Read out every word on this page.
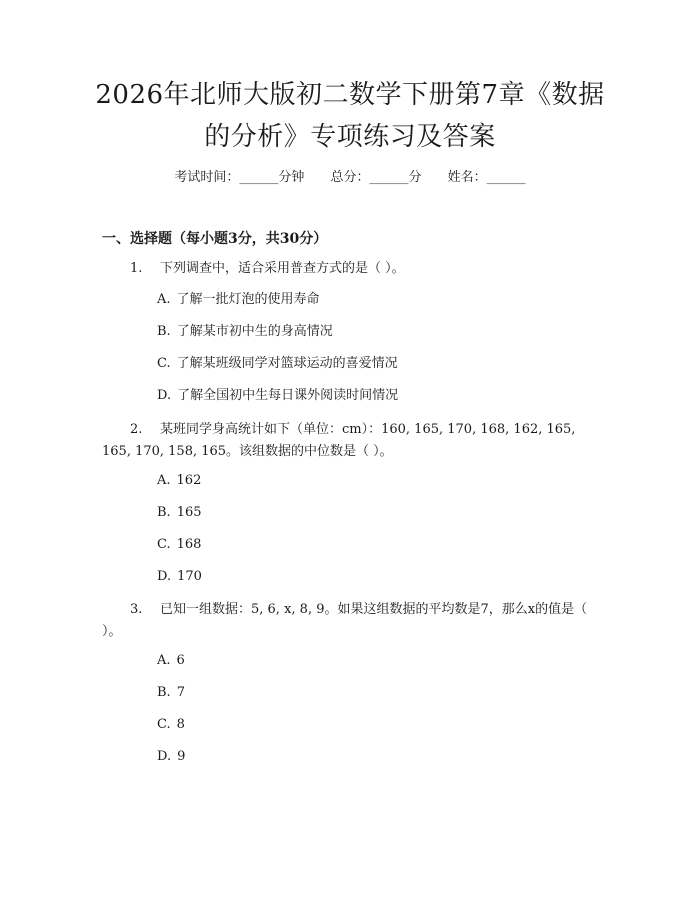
2026年北师大版初二数学下册第7章《数据的分析》专项练习及答案
考试时间：______分钟 总分：______分 姓名：______
一、选择题（每小题3分，共30分）
1. 下列调查中，适合采用普查方式的是（ ）。
A. 了解一批灯泡的使用寿命
B. 了解某市初中生的身高情况
C. 了解某班级同学对篮球运动的喜爱情况
D. 了解全国初中生每日课外阅读时间情况
2. 某班同学身高统计如下（单位：cm）：160, 165, 170, 168, 162, 165, 165, 170, 158, 165。该组数据的中位数是（ ）。
A. 162
B. 165
C. 168
D. 170
3. 已知一组数据：5, 6, x, 8, 9。如果这组数据的平均数是7，那么x的值是（ ）。
A. 6
B. 7
C. 8
D. 9
